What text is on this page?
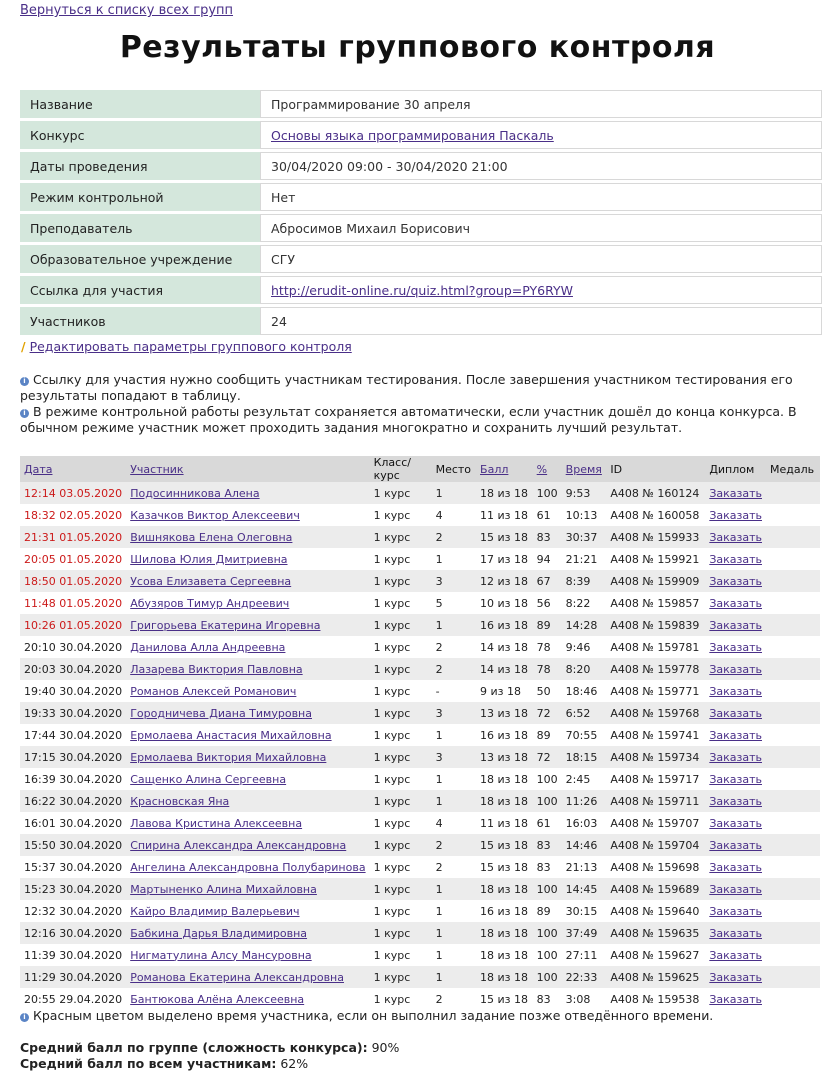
Вернуться к списку всех групп
Результаты группового контроля
Название	Программирование 30 апреля
Конкурс	Основы языка программирования Паскаль
Даты проведения	30/04/2020 09:00 - 30/04/2020 21:00
Режим контрольной	Нет
Преподаватель	Абросимов Михаил Борисович
Образовательное учреждение	СГУ
Ссылка для участия	http://erudit-online.ru/quiz.html?group=PY6RYW
Участников	24
/ Редактировать параметры группового контроля
i Ссылку для участия нужно сообщить участникам тестирования. После завершения участником тестирования его результаты попадают в таблицу.
i В режиме контрольной работы результат сохраняется автоматически, если участник дошёл до конца конкурса. В обычном режиме участник может проходить задания многократно и сохранить лучший результат.
Дата	Участник	Класс/курс	Место	Балл	%	Время	ID	Диплом	Медаль
12:14 03.05.2020	Подосинникова Алена	1 курс	1	18 из 18	100	9:53	А408 № 160124	Заказать	
18:32 02.05.2020	Казачков Виктор Алексеевич	1 курс	4	11 из 18	61	10:13	А408 № 160058	Заказать	
21:31 01.05.2020	Вишнякова Елена Олеговна	1 курс	2	15 из 18	83	30:37	А408 № 159933	Заказать	
20:05 01.05.2020	Шилова Юлия Дмитриевна	1 курс	1	17 из 18	94	21:21	А408 № 159921	Заказать	
18:50 01.05.2020	Усова Елизавета Сергеевна	1 курс	3	12 из 18	67	8:39	А408 № 159909	Заказать	
11:48 01.05.2020	Абузяров Тимур Андреевич	1 курс	5	10 из 18	56	8:22	А408 № 159857	Заказать	
10:26 01.05.2020	Григорьева Екатерина Игоревна	1 курс	1	16 из 18	89	14:28	А408 № 159839	Заказать	
20:10 30.04.2020	Данилова Алла Андреевна	1 курс	2	14 из 18	78	9:46	А408 № 159781	Заказать	
20:03 30.04.2020	Лазарева Виктория Павловна	1 курс	2	14 из 18	78	8:20	А408 № 159778	Заказать	
19:40 30.04.2020	Романов Алексей Романович	1 курс	-	9 из 18	50	18:46	А408 № 159771	Заказать	
19:33 30.04.2020	Городничева Диана Тимуровна	1 курс	3	13 из 18	72	6:52	А408 № 159768	Заказать	
17:44 30.04.2020	Ермолаева Анастасия Михайловна	1 курс	1	16 из 18	89	70:55	А408 № 159741	Заказать	
17:15 30.04.2020	Ермолаева Виктория Михайловна	1 курс	3	13 из 18	72	18:15	А408 № 159734	Заказать	
16:39 30.04.2020	Сащенко Алина Сергеевна	1 курс	1	18 из 18	100	2:45	А408 № 159717	Заказать	
16:22 30.04.2020	Красновская Яна	1 курс	1	18 из 18	100	11:26	А408 № 159711	Заказать	
16:01 30.04.2020	Лавова Кристина Алексеевна	1 курс	4	11 из 18	61	16:03	А408 № 159707	Заказать	
15:50 30.04.2020	Спирина Александра Александровна	1 курс	2	15 из 18	83	14:46	А408 № 159704	Заказать	
15:37 30.04.2020	Ангелина Александровна Полубаринова	1 курс	2	15 из 18	83	21:13	А408 № 159698	Заказать	
15:23 30.04.2020	Мартыненко Алина Михайловна	1 курс	1	18 из 18	100	14:45	А408 № 159689	Заказать	
12:32 30.04.2020	Кайро Владимир Валерьевич	1 курс	1	16 из 18	89	30:15	А408 № 159640	Заказать	
12:16 30.04.2020	Бабкина Дарья Владимировна	1 курс	1	18 из 18	100	37:49	А408 № 159635	Заказать	
11:39 30.04.2020	Нигматулина Алсу Мансуровна	1 курс	1	18 из 18	100	27:11	А408 № 159627	Заказать	
11:29 30.04.2020	Романова Екатерина Александровна	1 курс	1	18 из 18	100	22:33	А408 № 159625	Заказать	
20:55 29.04.2020	Бантюкова Алёна Алексеевна	1 курс	2	15 из 18	83	3:08	А408 № 159538	Заказать	
i Красным цветом выделено время участника, если он выполнил задание позже отведённого времени.
Средний балл по группе (сложность конкурса): 90%
Средний балл по всем участникам: 62%
